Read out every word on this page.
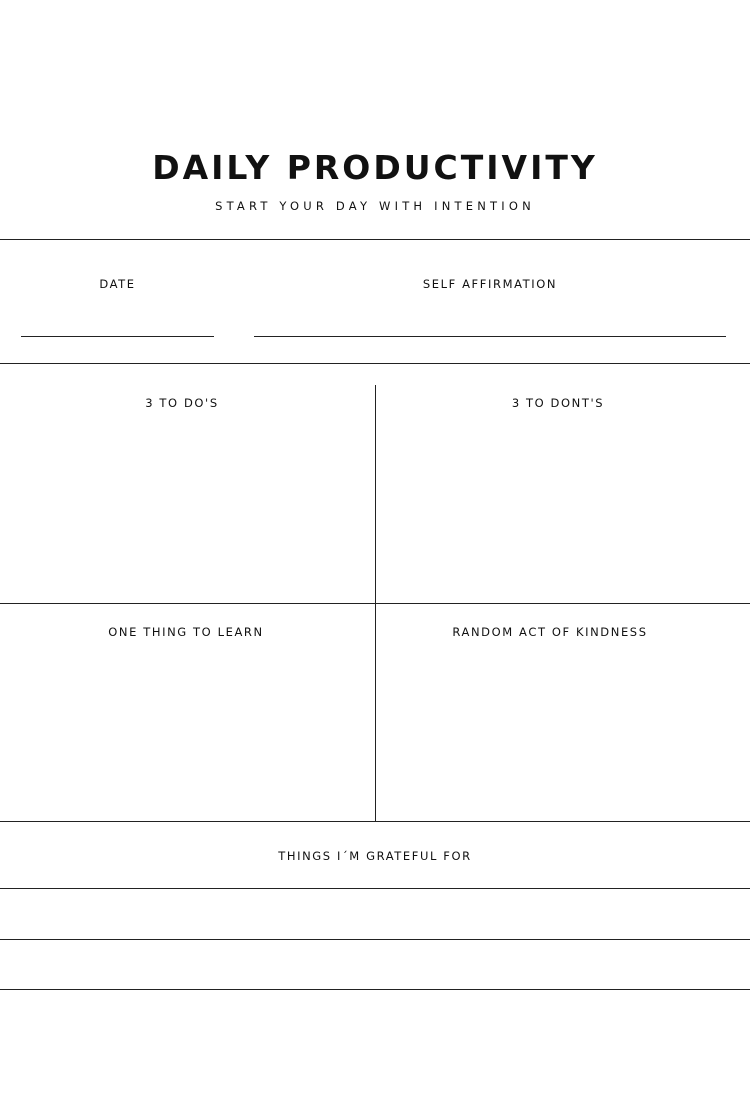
DAILY PRODUCTIVITY

START YOUR DAY WITH INTENTION

DATE	SELF AFFIRMATION
3 TO DO'S	3 TO DONT'S
ONE THING TO LEARN	RANDOM ACT OF KINDNESS
THINGS I´M GRATEFUL FOR
